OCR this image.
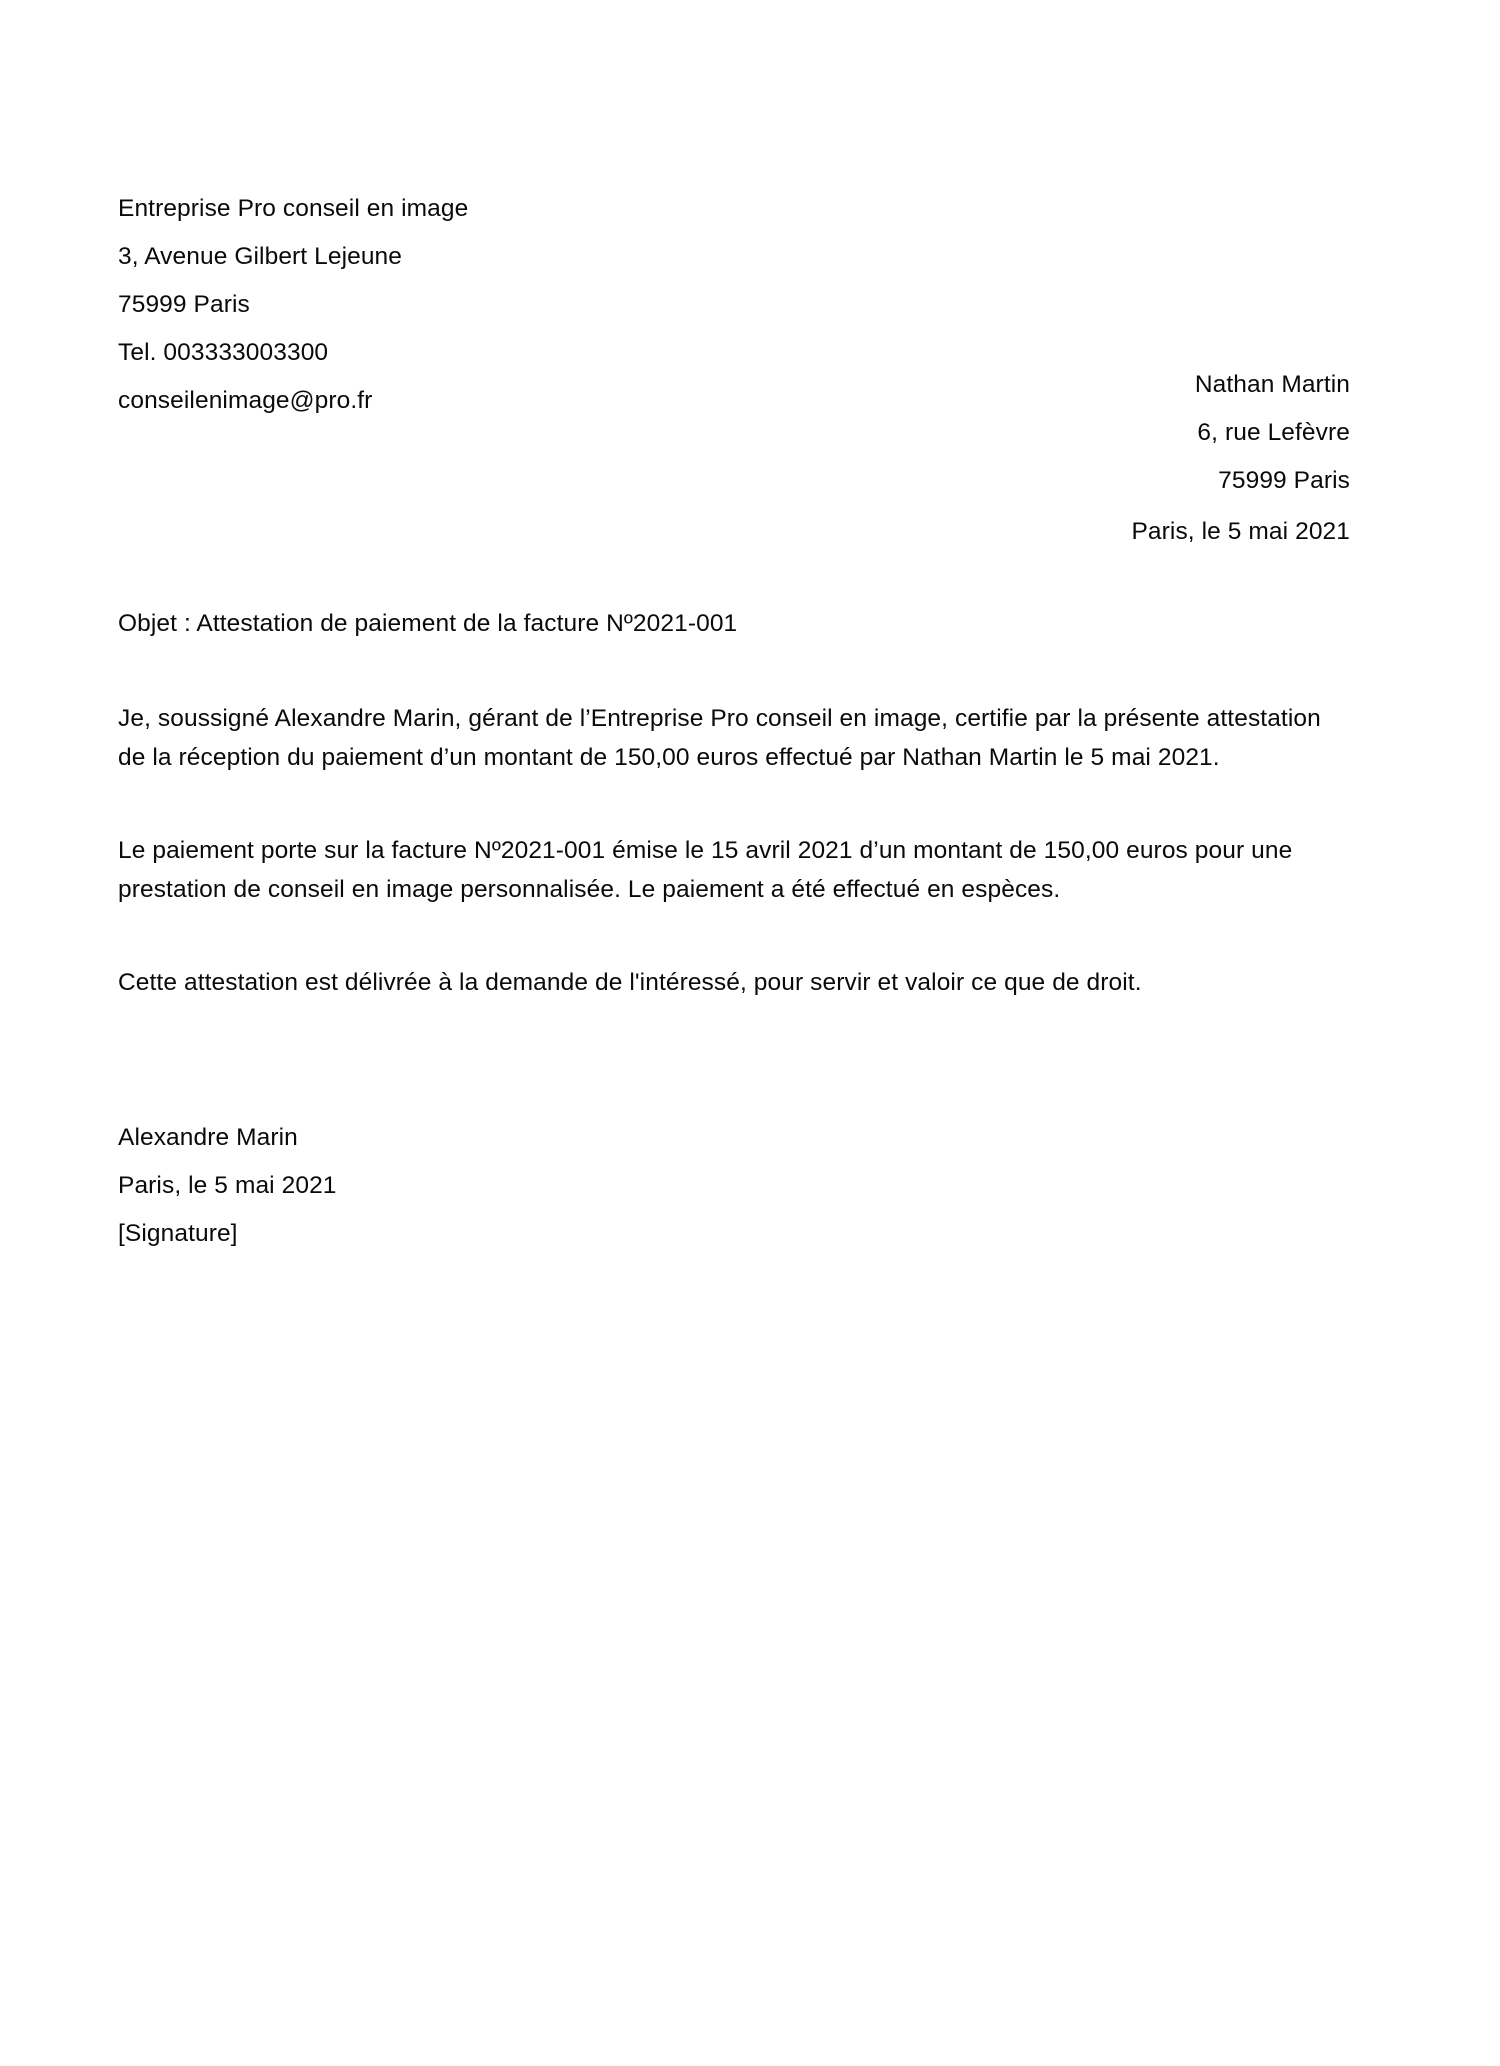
Entreprise Pro conseil en image
3, Avenue Gilbert Lejeune
75999 Paris
Tel. 003333003300
conseilenimage@pro.fr
Nathan Martin
6, rue Lefèvre
75999 Paris
Paris, le 5 mai 2021
Objet : Attestation de paiement de la facture Nº2021-001

Je, soussigné Alexandre Marin, gérant de l’Entreprise Pro conseil en image, certifie par la présente attestation de la réception du paiement d’un montant de 150,00 euros effectué par Nathan Martin le 5 mai 2021.

Le paiement porte sur la facture Nº2021-001 émise le 15 avril 2021 d’un montant de 150,00 euros pour une prestation de conseil en image personnalisée. Le paiement a été effectué en espèces.

Cette attestation est délivrée à la demande de l'intéressé, pour servir et valoir ce que de droit.

Alexandre Marin
Paris, le 5 mai 2021
[Signature]
